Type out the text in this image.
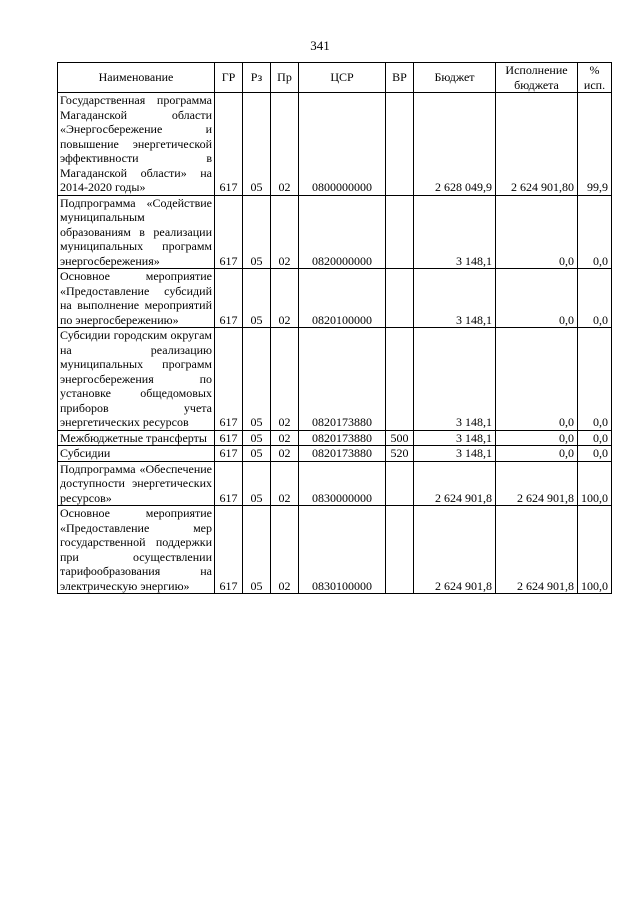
341
Наименование	ГР	Рз	Пр	ЦСР	ВР	Бюджет	Исполнение бюджета	% исп.
Государственная программа Магаданской области «Энергосбережение и повышение энергетической эффективности в Магаданской области» на 2014-2020 годы»	617	05	02	0800000000		2 628 049,9	2 624 901,80	99,9
Подпрограмма «Содействие муниципальным образованиям в реализации муниципальных программ энергосбережения»	617	05	02	0820000000		3 148,1	0,0	0,0
Основное мероприятие «Предоставление субсидий на выполнение мероприятий по энергосбережению»	617	05	02	0820100000		3 148,1	0,0	0,0
Субсидии городским округам на реализацию муниципальных программ энергосбережения по установке общедомовых приборов учета энергетических ресурсов	617	05	02	0820173880		3 148,1	0,0	0,0
Межбюджетные трансферты	617	05	02	0820173880	500	3 148,1	0,0	0,0
Субсидии	617	05	02	0820173880	520	3 148,1	0,0	0,0
Подпрограмма «Обеспечение доступности энергетических ресурсов»	617	05	02	0830000000		2 624 901,8	2 624 901,8	100,0
Основное мероприятие «Предоставление мер государственной поддержки при осуществлении тарифообразования на электрическую энергию»	617	05	02	0830100000		2 624 901,8	2 624 901,8	100,0
